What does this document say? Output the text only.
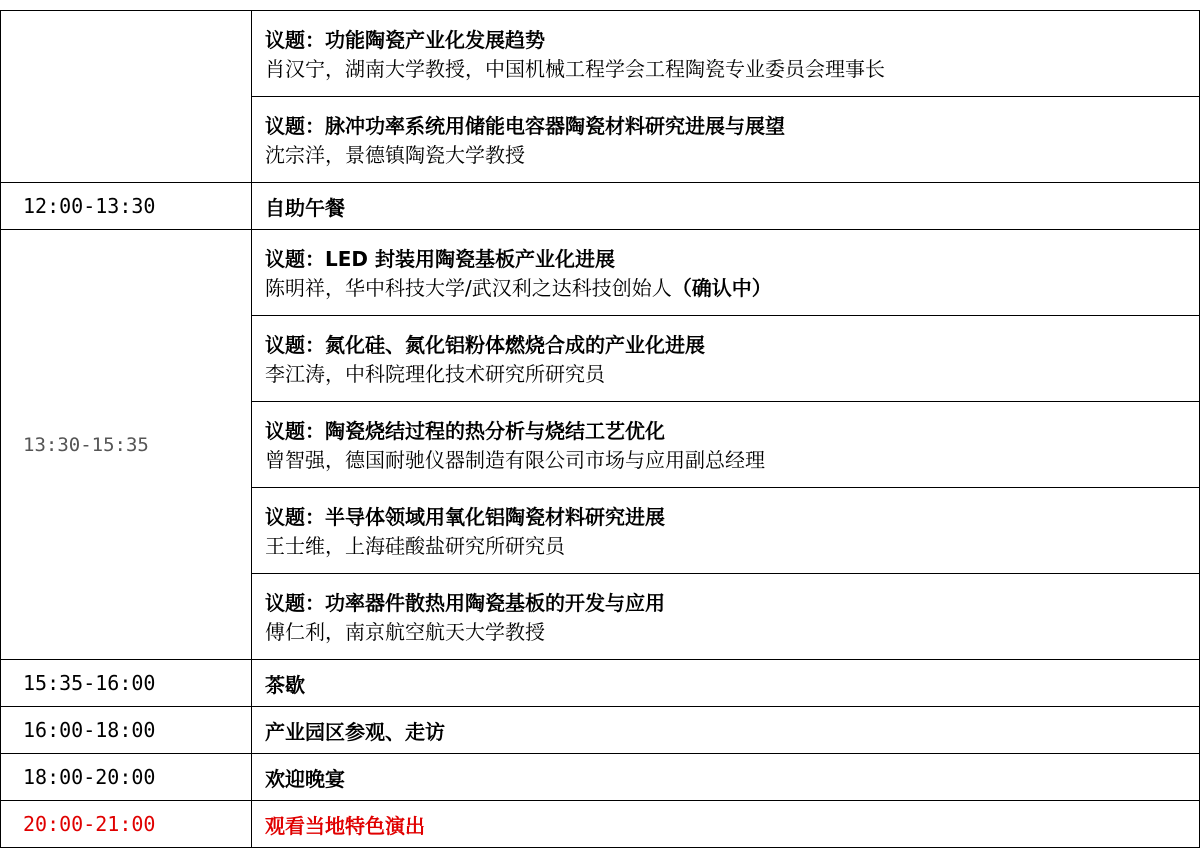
	议题：功能陶瓷产业化发展趋势
肖汉宁，湖南大学教授，中国机械工程学会工程陶瓷专业委员会理事长

	议题：脉冲功率系统用储能电容器陶瓷材料研究进展与展望
沈宗洋，景德镇陶瓷大学教授

12:00-13:30	自助午餐
13:30-15:35	议题：LED 封装用陶瓷基板产业化进展
陈明祥，华中科技大学/武汉利之达科技创始人（确认中）

	议题：氮化硅、氮化铝粉体燃烧合成的产业化进展
李江涛，中科院理化技术研究所研究员

	议题：陶瓷烧结过程的热分析与烧结工艺优化
曾智强，德国耐驰仪器制造有限公司市场与应用副总经理

	议题：半导体领域用氧化铝陶瓷材料研究进展
王士维，上海硅酸盐研究所研究员

	议题：功率器件散热用陶瓷基板的开发与应用
傅仁利，南京航空航天大学教授

15:35-16:00	茶歇
16:00-18:00	产业园区参观、走访
18:00-20:00	欢迎晚宴
20:00-21:00	观看当地特色演出
